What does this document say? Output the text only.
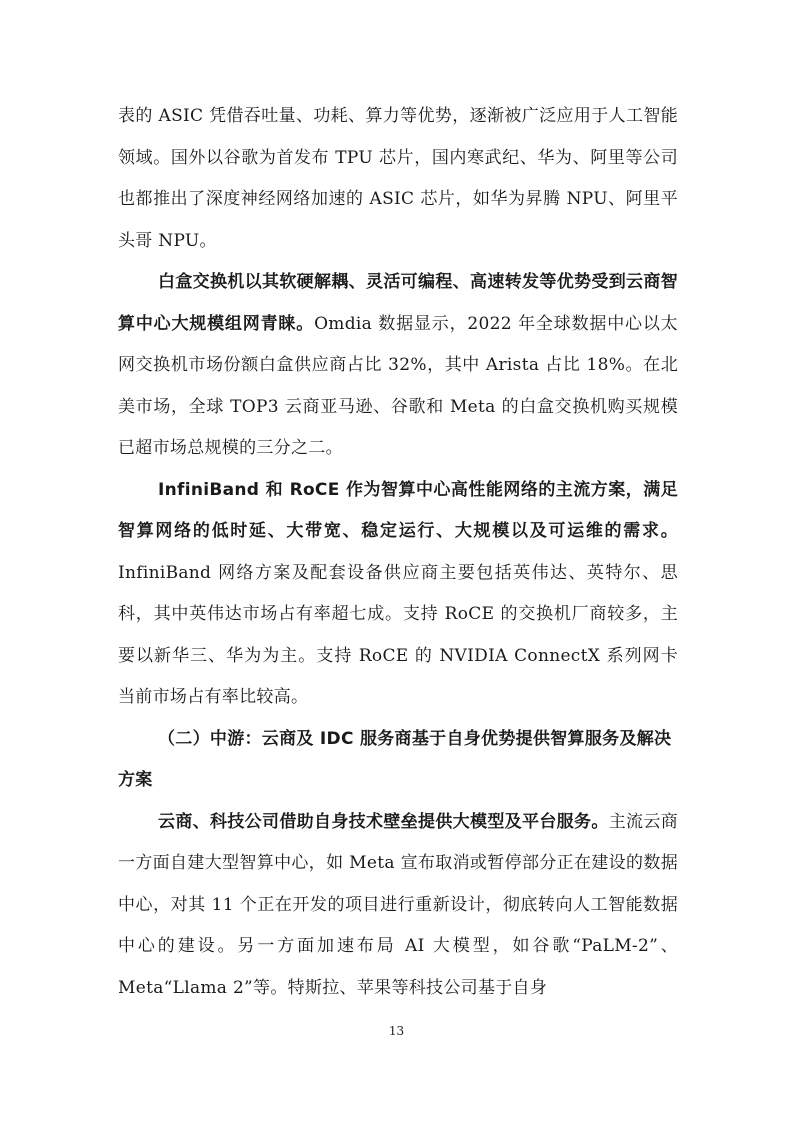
表的 ASIC 凭借吞吐量、功耗、算力等优势，逐渐被广泛应用于人工智能领域。国外以谷歌为首发布 TPU 芯片，国内寒武纪、华为、阿里等公司也都推出了深度神经网络加速的 ASIC 芯片，如华为昇腾 NPU、阿里平头哥 NPU。

白盒交换机以其软硬解耦、灵活可编程、高速转发等优势受到云商智算中心大规模组网青睐。Omdia 数据显示，2022 年全球数据中心以太网交换机市场份额白盒供应商占比 32%，其中 Arista 占比 18%。在北美市场，全球 TOP3 云商亚马逊、谷歌和 Meta 的白盒交换机购买规模已超市场总规模的三分之二。

InfiniBand 和 RoCE 作为智算中心高性能网络的主流方案，满足智算网络的低时延、大带宽、稳定运行、大规模以及可运维的需求。InfiniBand 网络方案及配套设备供应商主要包括英伟达、英特尔、思科，其中英伟达市场占有率超七成。支持 RoCE 的交换机厂商较多，主要以新华三、华为为主。支持 RoCE 的 NVIDIA ConnectX 系列网卡当前市场占有率比较高。

（二）中游：云商及 IDC 服务商基于自身优势提供智算服务及解决方案

云商、科技公司借助自身技术壁垒提供大模型及平台服务。主流云商一方面自建大型智算中心，如 Meta 宣布取消或暂停部分正在建设的数据中心，对其 11 个正在开发的项目进行重新设计，彻底转向人工智能数据中心的建设。另一方面加速布局 AI 大模型，如谷歌“PaLM-2”、Meta“Llama 2”等。特斯拉、苹果等科技公司基于自身

13
